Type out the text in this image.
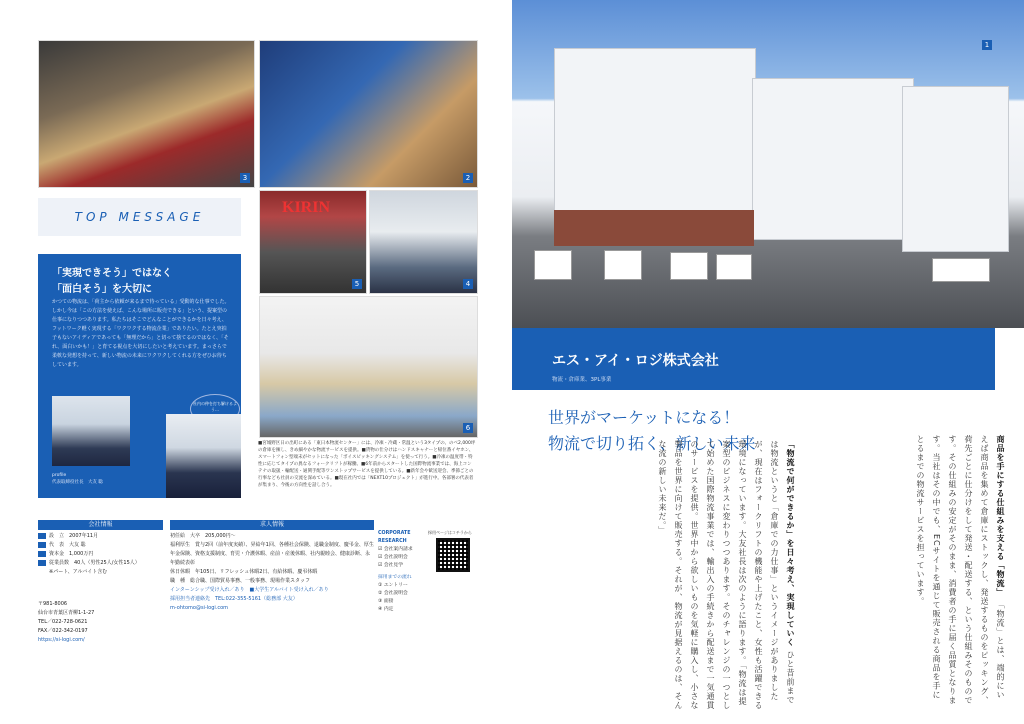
3	2
TOP MESSAGE
KIRIN
5	4
6
「実現できそう」ではなく
「面白そう」を大切に
かつての物流は、「荷主から依頼が来るまで待っている」受動的な仕事でした。しかし今は「この方法を使えば、こんな場所に販売できる」という、提案型の仕事になりつつあります。私たちはそこでどんなことができるかを日々考え、フットワーク軽く実現する「ワクワクする物流企業」でありたい。たとえ突拍子もないアイディアであっても「無理だから」と切って捨てるのではなく、「それ、面白いかも！」と育てる視点を大切にしたいと考えています。まっさらで柔軟な発想を持って、新しい物流の未来にワクワクしてくれる方をぜひお待ちしています。
社内の仲を打ち解けるよう…
profile
代表取締役社長　大友 聡
■宮城野区日の出町にある「東日本物流センター」には、冷凍・冷蔵・常温という3タイプの、のべ2,000坪の倉庫を擁し、きめ細やかな物流サービスを提供。■貨物の仕分けはハンドスキャナーと帰位番イヤホン、スマートフォン型端末がセットになった「ボイスピッキングシステム」を使って行う。■冷凍の温度帯・特性に応じてタイプの異なるフォークリフトが稼働。■6年前からスタートした国際物流事業では、海上コンテナの取扱・輸配送・通関手配等ワンストップサービスを提供している。■新年会や歓送迎会、季節ごとの行事なども社員の交流を深めている。■現在社内では「NEXT10プロジェクト」が進行中。各部署の代表者が集まり、今後の方向性を話し合う。
会社情報
設　立　2007年11月
代　表　大友 聡
資本金　1,000万円
従業員数　40人（男性25人/女性15人）
※パート、アルバイト含む
〒981-8006
仙台市青葉区青柳1-1-27
TEL／022-728-0621
FAX／022-342-0197
https://si-logi.com/
求人情報
初任給　大卒　205,000円〜
福利厚生　賞与2回（前年度実績）、昇給年1回、各種社会保険、退職金制度、慶弔金、厚生年金保険、資格支援制度、育児・介護休暇、産前・産後休暇、社内親睦会、健康診断、永年勤続表彰
休日休暇　年105日、リフレッシュ休暇2日、有給休暇、慶弔休暇
職　種　総合職、国際貿易事務、一般事務、現場作業スタッフ
インターンシップ受け入れ／あり　■大学生アルバイト受け入れ／あり
採用担当者連絡先　TEL:022-355-5161（総務部 大友）
m-ohtomo@si-logi.com
CORPORATE RESEARCH
☑ 会社案内請求
☑ 会社説明会
☑ 会社見学
採用までの流れ
① エントリー
② 会社説明会
③ 面接
④ 内定
採用ページはコチラから
1
file08
エス・アイ・ロジ株式会社
物流・倉庫業、3PL事業
世界がマーケットになる！
物流で切り拓く、新しい未来	商品を手にする仕組みを支える「物流」 「物流」とは、端的にいえば商品を集めて倉庫にストックし、発送するものをピッキング、荷先ごとに仕分けをして発送・配送する、という仕組みそのものです。その仕組みの安定がそのまま、消費者の手に届く品質となります。当社はその中でも、ECサイトを通じて販売される商品を手にとるまでの物流サービスを担っています。
「物流で何ができるか」を日々考え、実現していく ひと昔前までは物流というと「倉庫での力仕事」というイメージがありましたが、現在はフォークリフトの機能や上げたこと、女性も活躍できる環境になっています。大友社長は次のように語ります。「物流は提案型のビジネスに変わりつつあります。そのチャレンジの一つとして始めた国際物流事業では、輸出入の手続きから配送まで一気通貫のサービスを提供。世界中から欲しいものを気軽に購入し、小さな製品を世界に向けて販売する。それが、物流が見据えるのは、そんな流の新しい未来だ。」
